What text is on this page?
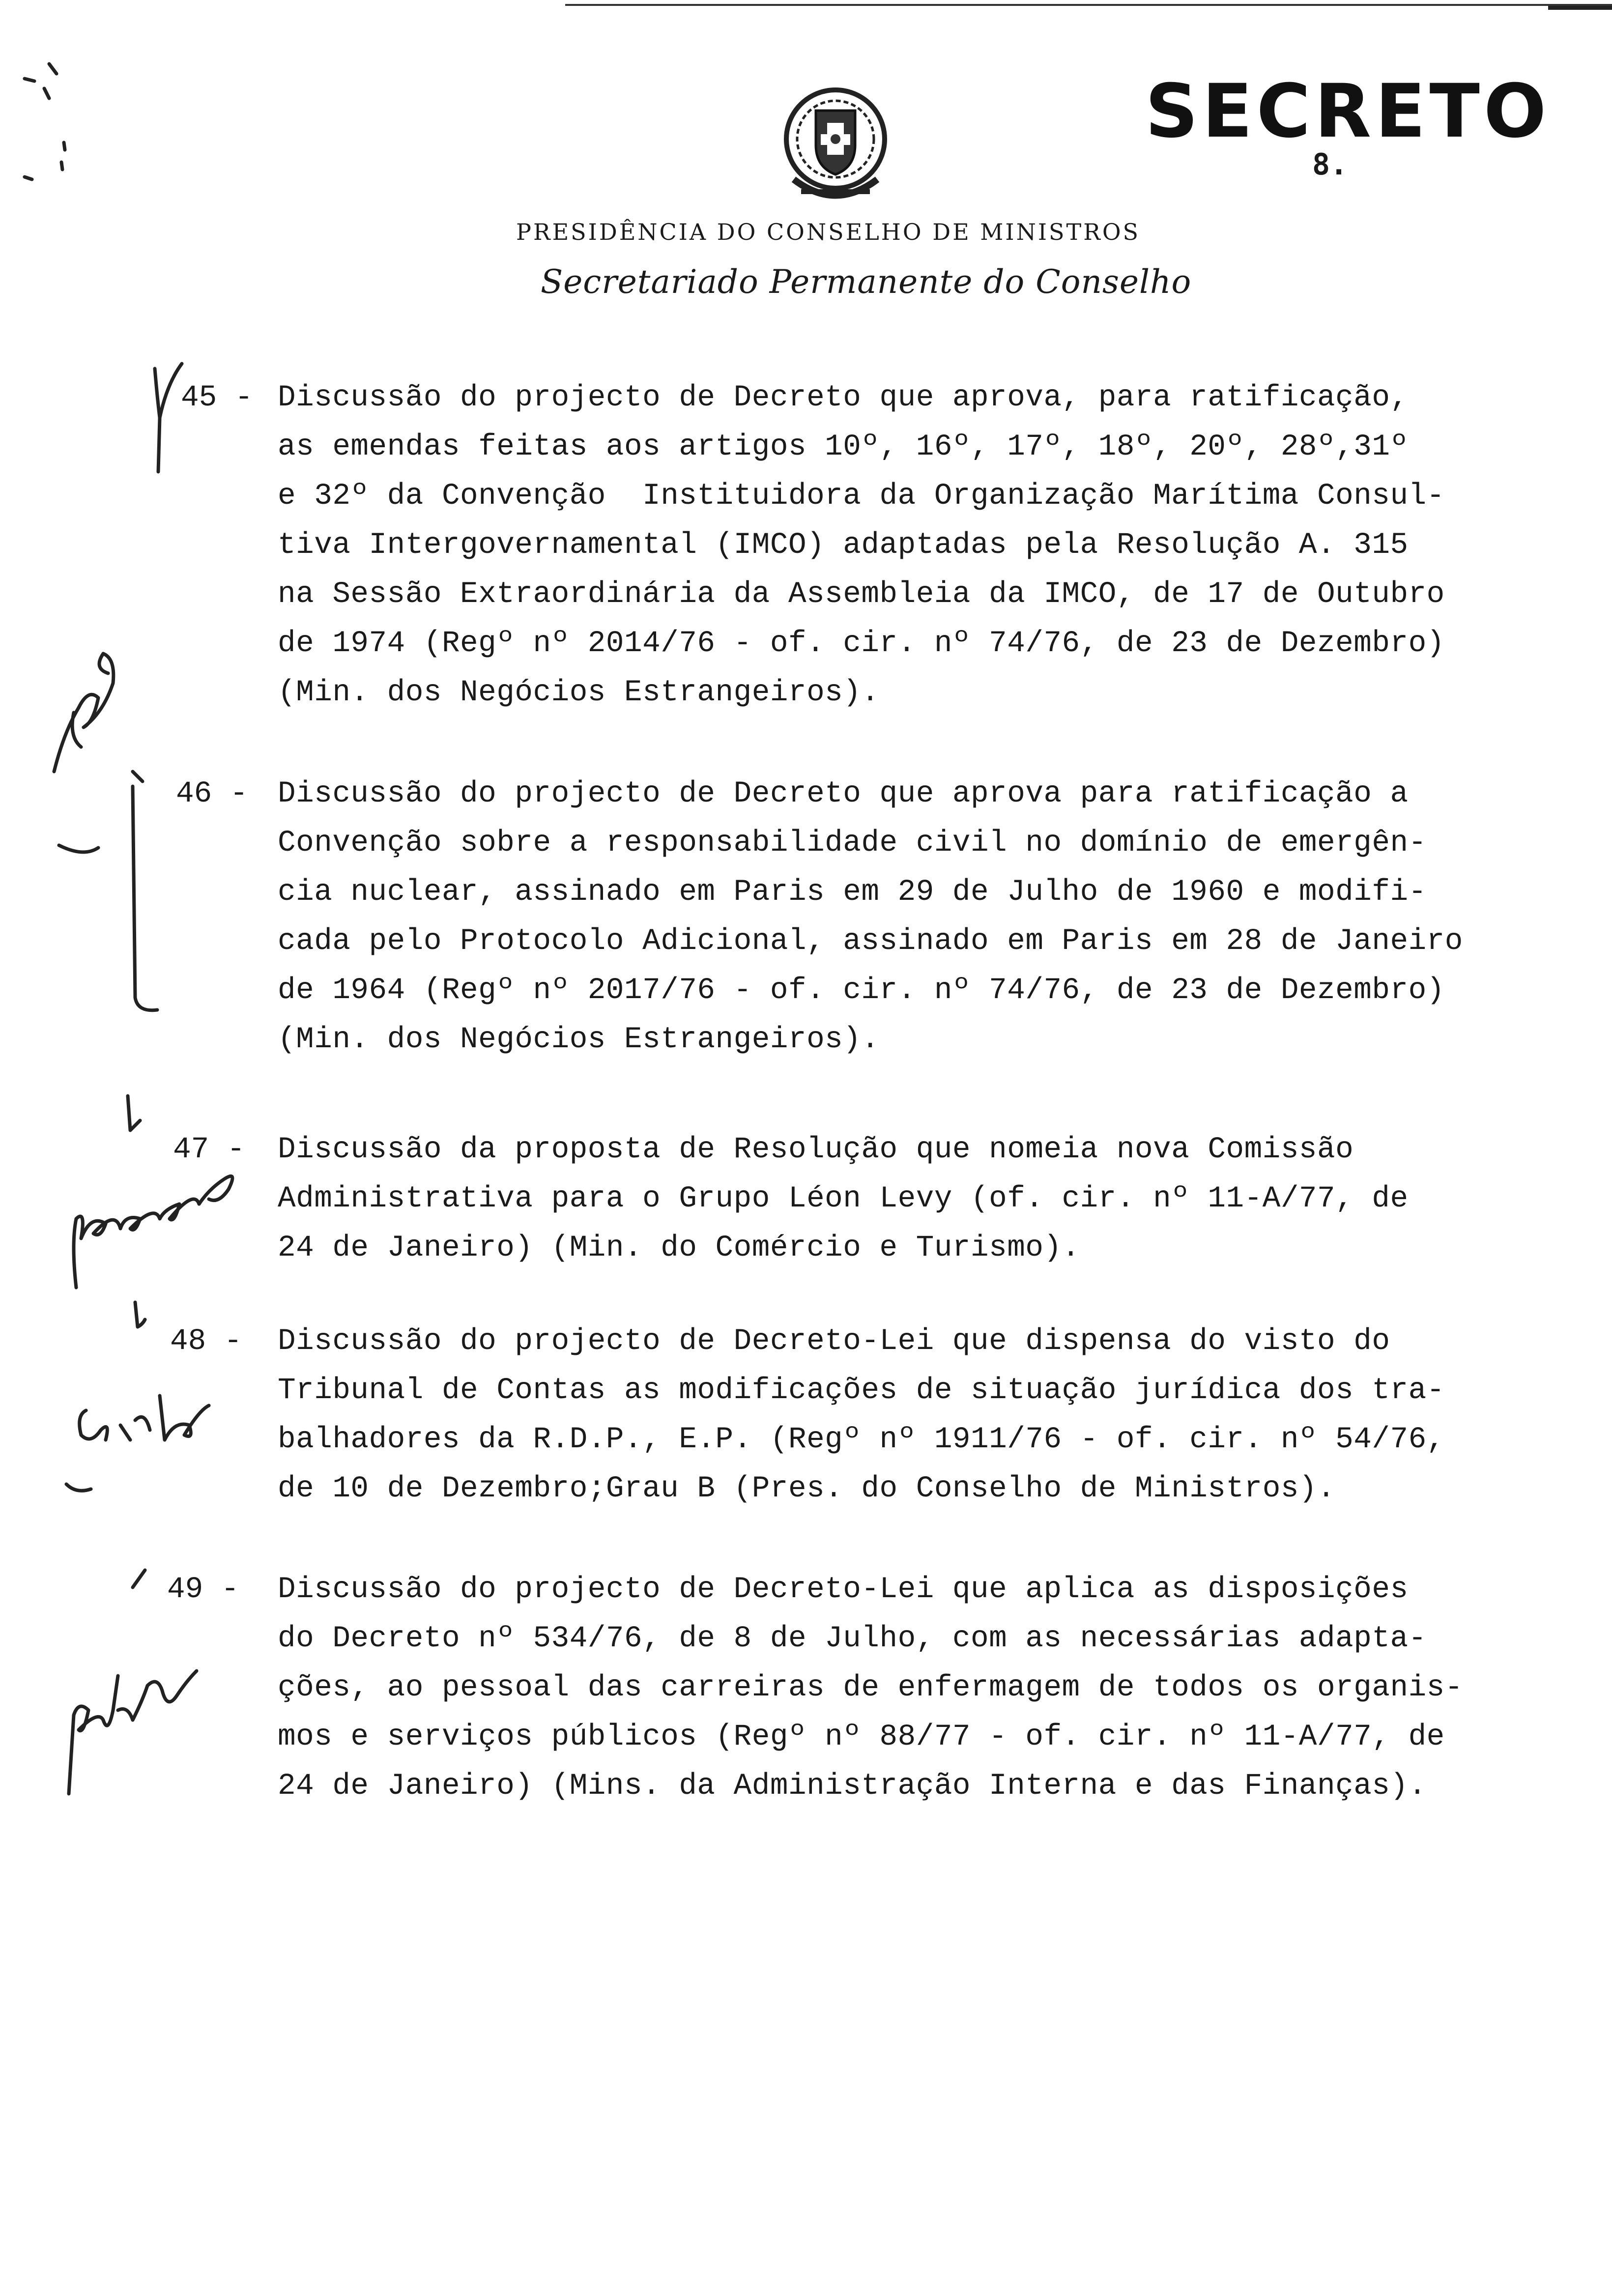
SECRETO
8.
PRESIDÊNCIA DO CONSELHO DE MINISTROS
Secretariado Permanente do Conselho
45 - Discussão do projecto de Decreto que aprova, para ratificação,
as emendas feitas aos artigos 10º, 16º, 17º, 18º, 20º, 28º,31º
e 32º da Convenção  Instituidora da Organização Marítima Consul-
tiva Intergovernamental (IMCO) adaptadas pela Resolução A. 315
na Sessão Extraordinária da Assembleia da IMCO, de 17 de Outubro
de 1974 (Regº nº 2014/76 - of. cir. nº 74/76, de 23 de Dezembro)
(Min. dos Negócios Estrangeiros).
46 - Discussão do projecto de Decreto que aprova para ratificação a
Convenção sobre a responsabilidade civil no domínio de emergên-
cia nuclear, assinado em Paris em 29 de Julho de 1960 e modifi-
cada pelo Protocolo Adicional, assinado em Paris em 28 de Janeiro
de 1964 (Regº nº 2017/76 - of. cir. nº 74/76, de 23 de Dezembro)
(Min. dos Negócios Estrangeiros).
47 - Discussão da proposta de Resolução que nomeia nova Comissão
Administrativa para o Grupo Léon Levy (of. cir. nº 11-A/77, de
24 de Janeiro) (Min. do Comércio e Turismo).
48 - Discussão do projecto de Decreto-Lei que dispensa do visto do
Tribunal de Contas as modificações de situação jurídica dos tra-
balhadores da R.D.P., E.P. (Regº nº 1911/76 - of. cir. nº 54/76,
de 10 de Dezembro;Grau B (Pres. do Conselho de Ministros).
49 - Discussão do projecto de Decreto-Lei que aplica as disposições
do Decreto nº 534/76, de 8 de Julho, com as necessárias adapta-
ções, ao pessoal das carreiras de enfermagem de todos os organis-
mos e serviços públicos (Regº nº 88/77 - of. cir. nº 11-A/77, de
24 de Janeiro) (Mins. da Administração Interna e das Finanças).
